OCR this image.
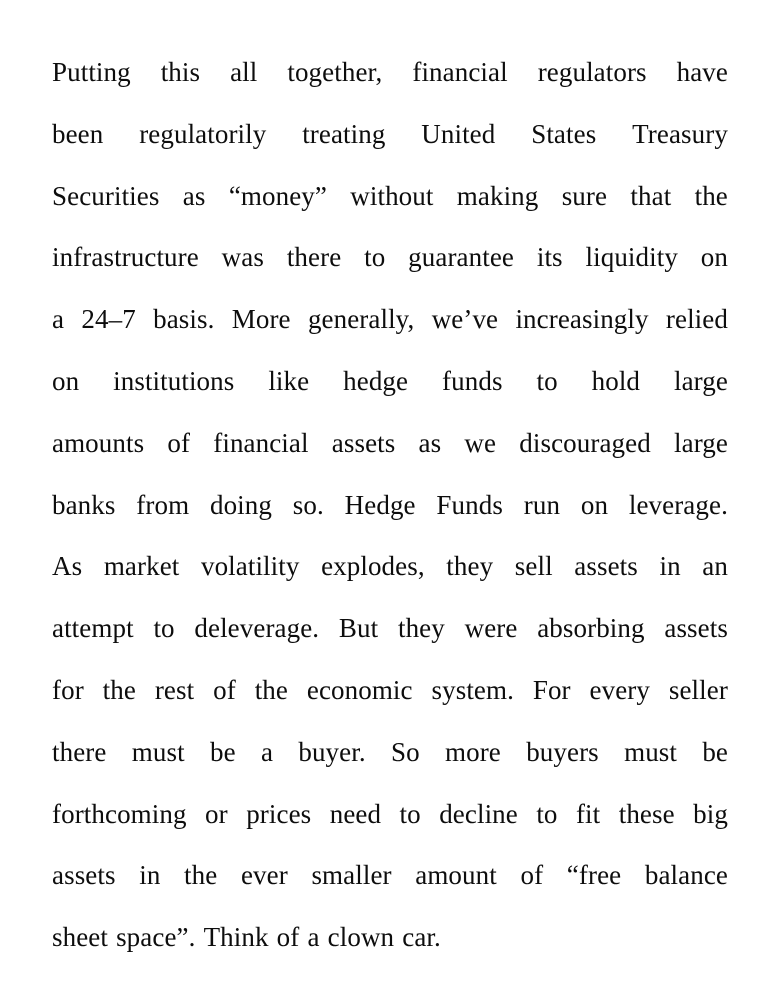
Putting this all together, financial regulators have
been regulatorily treating United States Treasury
Securities as “money” without making sure that the
infrastructure was there to guarantee its liquidity on
a 24–7 basis. More generally, we’ve increasingly relied
on institutions like hedge funds to hold large
amounts of financial assets as we discouraged large
banks from doing so. Hedge Funds run on leverage.
As market volatility explodes, they sell assets in an
attempt to deleverage. But they were absorbing assets
for the rest of the economic system. For every seller
there must be a buyer. So more buyers must be
forthcoming or prices need to decline to fit these big
assets in the ever smaller amount of “free balance
sheet space”. Think of a clown car.
